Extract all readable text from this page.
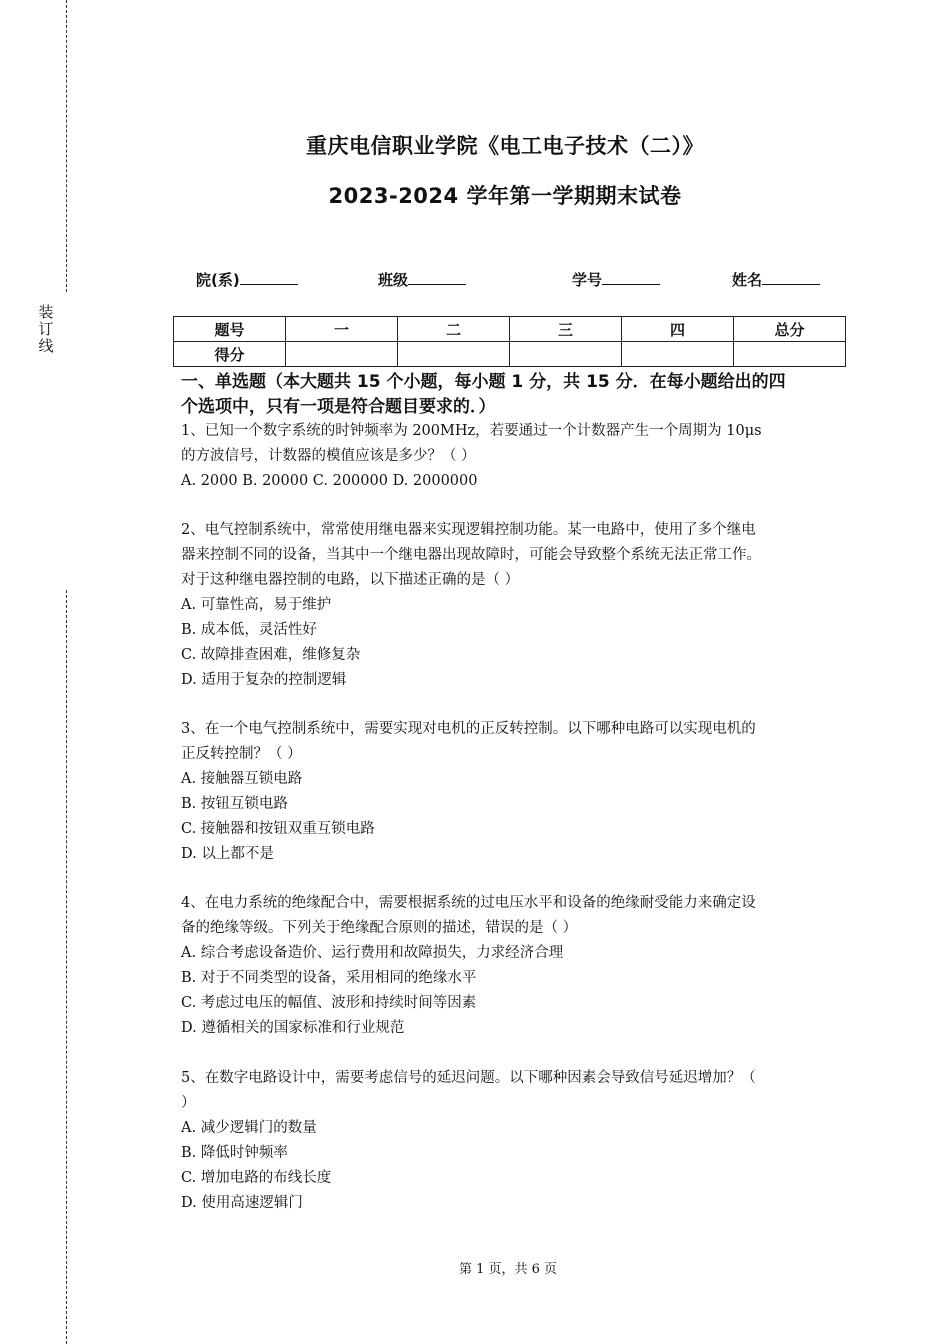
装
订
线
重庆电信职业学院《电工电子技术（二）》
2023-2024 学年第一学期期末试卷
院(系)	班级	学号	姓名
题号	一	二	三	四	总分
得分					
一、单选题（本大题共 15 个小题，每小题 1 分，共 15 分．在每小题给出的四
个选项中，只有一项是符合题目要求的．）
1、已知一个数字系统的时钟频率为 200MHz，若要通过一个计数器产生一个周期为 10μs
的方波信号，计数器的模值应该是多少？（ ）
A. 2000 B. 20000 C. 200000 D. 2000000
2、电气控制系统中，常常使用继电器来实现逻辑控制功能。某一电路中，使用了多个继电
器来控制不同的设备，当其中一个继电器出现故障时，可能会导致整个系统无法正常工作。
对于这种继电器控制的电路，以下描述正确的是（ ）
A. 可靠性高，易于维护
B. 成本低，灵活性好
C. 故障排查困难，维修复杂
D. 适用于复杂的控制逻辑
3、在一个电气控制系统中，需要实现对电机的正反转控制。以下哪种电路可以实现电机的
正反转控制？（ ）
A. 接触器互锁电路
B. 按钮互锁电路
C. 接触器和按钮双重互锁电路
D. 以上都不是
4、在电力系统的绝缘配合中，需要根据系统的过电压水平和设备的绝缘耐受能力来确定设
备的绝缘等级。下列关于绝缘配合原则的描述，错误的是（ ）
A. 综合考虑设备造价、运行费用和故障损失，力求经济合理
B. 对于不同类型的设备，采用相同的绝缘水平
C. 考虑过电压的幅值、波形和持续时间等因素
D. 遵循相关的国家标准和行业规范
5、在数字电路设计中，需要考虑信号的延迟问题。以下哪种因素会导致信号延迟增加？（
）
A. 减少逻辑门的数量
B. 降低时钟频率
C. 增加电路的布线长度
D. 使用高速逻辑门
第 1 页，共 6 页
